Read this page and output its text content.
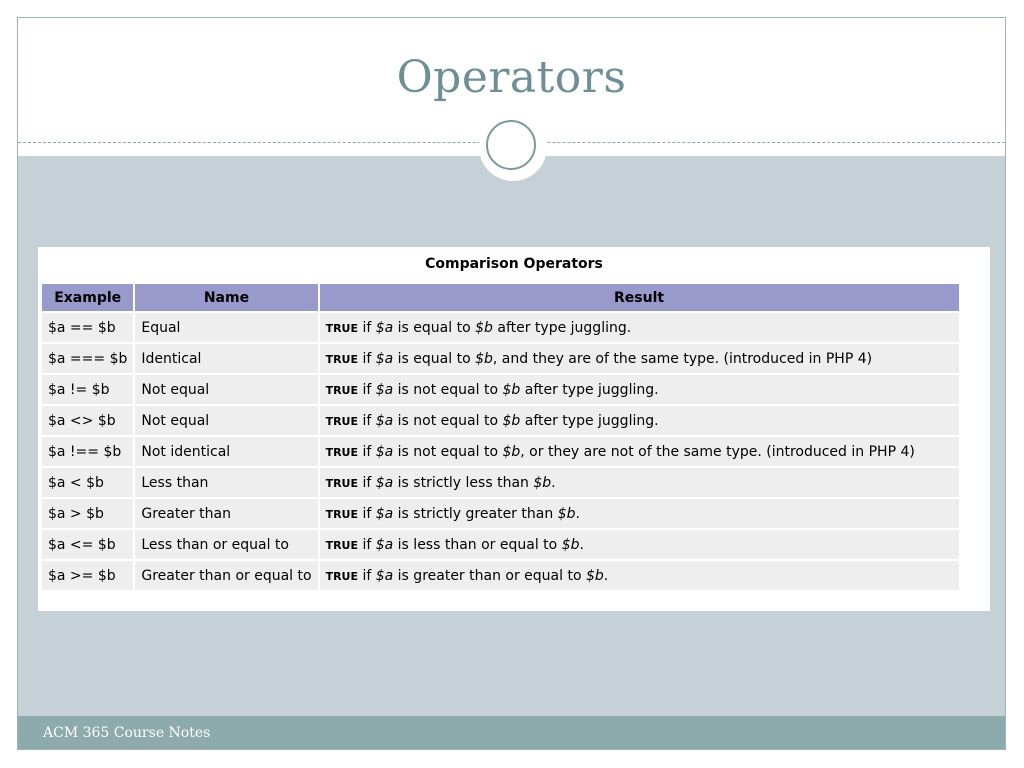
Operators
Comparison Operators
Example	Name	Result
$a == $b	Equal	TRUE if $a is equal to $b after type juggling.
$a === $b	Identical	TRUE if $a is equal to $b, and they are of the same type. (introduced in PHP 4)
$a != $b	Not equal	TRUE if $a is not equal to $b after type juggling.
$a <> $b	Not equal	TRUE if $a is not equal to $b after type juggling.
$a !== $b	Not identical	TRUE if $a is not equal to $b, or they are not of the same type. (introduced in PHP 4)
$a < $b	Less than	TRUE if $a is strictly less than $b.
$a > $b	Greater than	TRUE if $a is strictly greater than $b.
$a <= $b	Less than or equal to	TRUE if $a is less than or equal to $b.
$a >= $b	Greater than or equal to	TRUE if $a is greater than or equal to $b.
ACM 365 Course Notes
